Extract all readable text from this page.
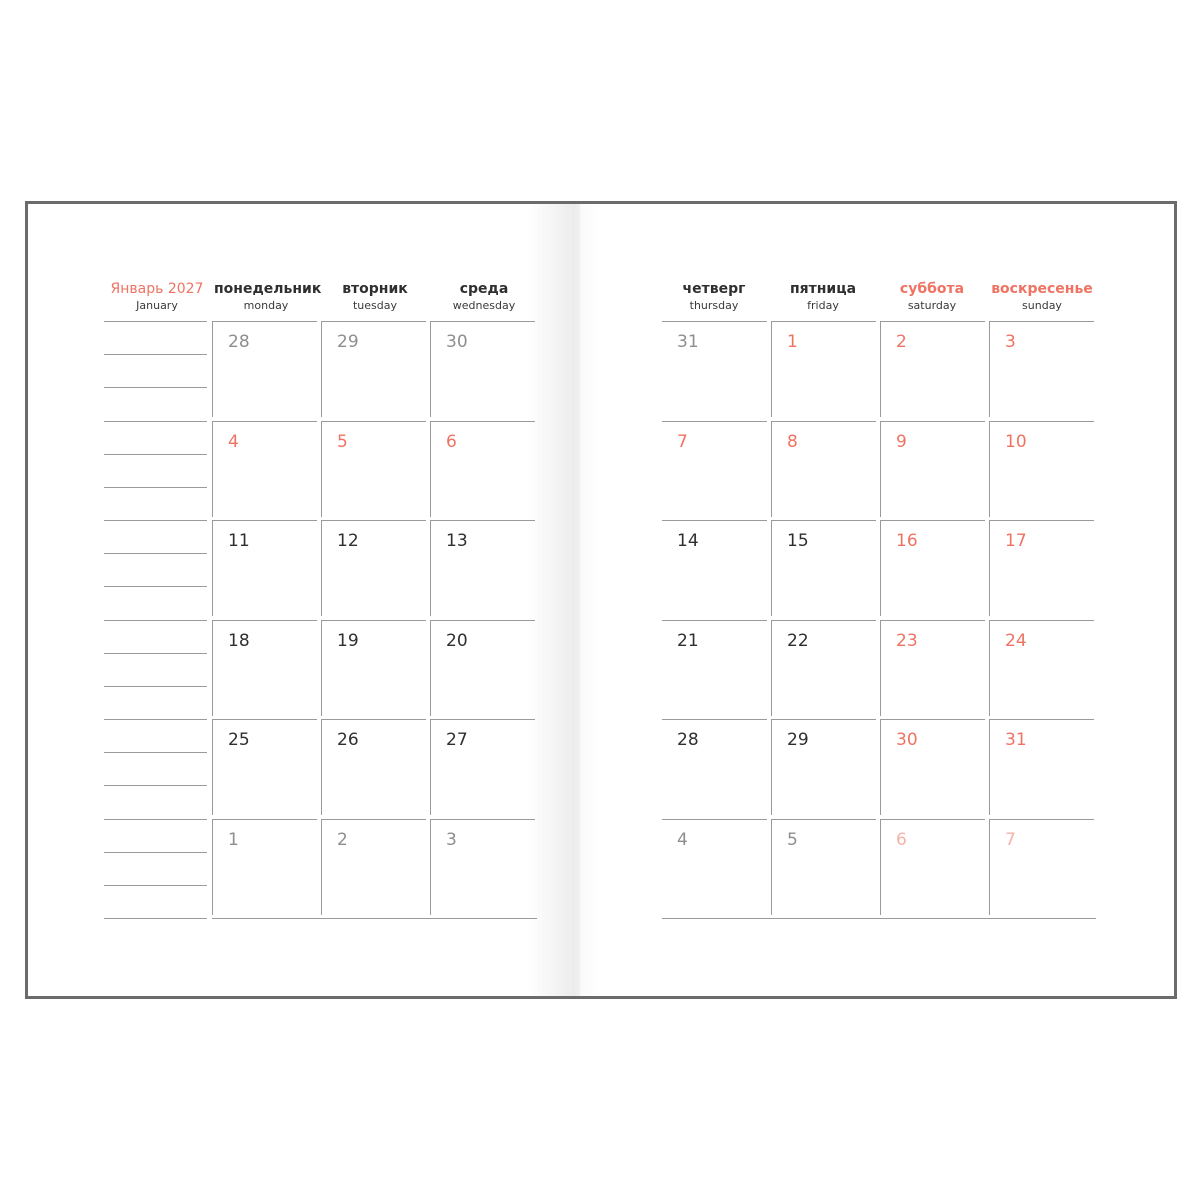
Январь 2027
January
понедельник
monday
вторник
tuesday
среда
wednesday
28	29	30
4	5	6
11	12	13
18	19	20
25	26	27
1	2	3
четверг
thursday
пятница
friday
суббота
saturday
воскресенье
sunday
31	1	2	3
7	8	9	10
14	15	16	17
21	22	23	24
28	29	30	31
4	5	6	7
